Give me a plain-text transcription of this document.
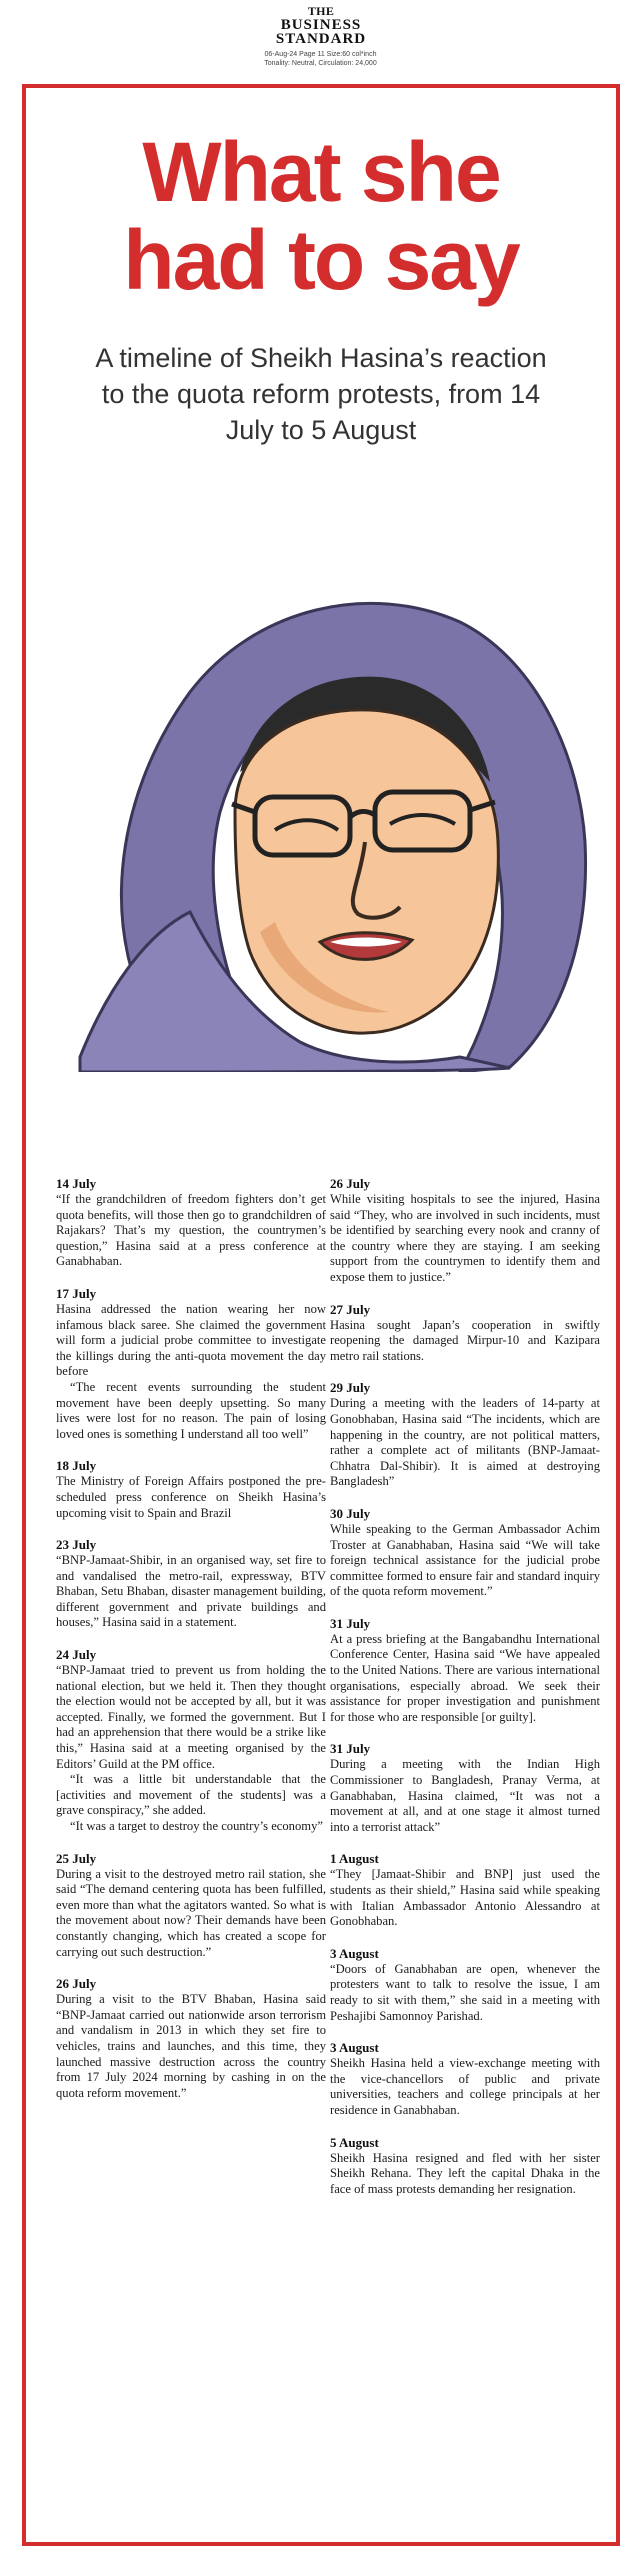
THE
BUSINESS
STANDARD
06-Aug-24 Page 11 Size:60 col*inch
Tonality: Neutral, Circulation: 24,000
What she
had to say
A timeline of Sheikh Hasina’s reaction
to the quota reform protests, from 14
July to 5 August
14 July
“If the grandchildren of freedom fighters don’t get quota benefits, will those then go to grandchildren of Rajakars? That’s my question, the countrymen’s question,” Hasina said at a press conference at Ganabhaban.
17 July
Hasina addressed the nation wearing her now infamous black saree. She claimed the government will form a judicial probe committee to investigate the killings during the anti-quota movement the day before
“The recent events surrounding the student movement have been deeply upsetting. So many lives were lost for no reason. The pain of losing loved ones is something I understand all too well”
18 July
The Ministry of Foreign Affairs postponed the pre-scheduled press conference on Sheikh Hasina’s upcoming visit to Spain and Brazil
23 July
“BNP-Jamaat-Shibir, in an organised way, set fire to and vandalised the metro-rail, expressway, BTV Bhaban, Setu Bhaban, disaster management building, different government and private buildings and houses,” Hasina said in a statement.
24 July
“BNP-Jamaat tried to prevent us from holding the national election, but we held it. Then they thought the election would not be accepted by all, but it was accepted. Finally, we formed the government. But I had an apprehension that there would be a strike like this,” Hasina said at a meeting organised by the Editors’ Guild at the PM office.
“It was a little bit understandable that the [activities and movement of the students] was a grave conspiracy,” she added.
“It was a target to destroy the country’s economy”
25 July
During a visit to the destroyed metro rail station, she said “The demand centering quota has been fulfilled, even more than what the agitators wanted. So what is the movement about now? Their demands have been constantly changing, which has created a scope for carrying out such destruction.”
26 July
During a visit to the BTV Bhaban, Hasina said “BNP-Jamaat carried out nationwide arson terrorism and vandalism in 2013 in which they set fire to vehicles, trains and launches, and this time, they launched massive destruction across the country from 17 July 2024 morning by cashing in on the quota reform movement.”
26 July
While visiting hospitals to see the injured, Hasina said “They, who are involved in such incidents, must be identified by searching every nook and cranny of the country where they are staying. I am seeking support from the countrymen to identify them and expose them to justice.”
27 July
Hasina sought Japan’s cooperation in swiftly reopening the damaged Mirpur-10 and Kazipara metro rail stations.
29 July
During a meeting with the leaders of 14-party at Gonobhaban, Hasina said “The incidents, which are happening in the country, are not political matters, rather a complete act of militants (BNP-Jamaat-Chhatra Dal-Shibir). It is aimed at destroying Bangladesh”
30 July
While speaking to the German Ambassador Achim Troster at Ganabhaban, Hasina said “We will take foreign technical assistance for the judicial probe committee formed to ensure fair and standard inquiry of the quota reform movement.”
31 July
At a press briefing at the Bangabandhu International Conference Center, Hasina said “We have appealed to the United Nations. There are various international organisations, especially abroad. We seek their assistance for proper investigation and punishment for those who are responsible [or guilty].
31 July
During a meeting with the Indian High Commissioner to Bangladesh, Pranay Verma, at Ganabhaban, Hasina claimed, “It was not a movement at all, and at one stage it almost turned into a terrorist attack”
1 August
“They [Jamaat-Shibir and BNP] just used the students as their shield,” Hasina said while speaking with Italian Ambassador Antonio Alessandro at Gonobhaban.
3 August
“Doors of Ganabhaban are open, whenever the protesters want to talk to resolve the issue, I am ready to sit with them,” she said in a meeting with Peshajibi Samonnoy Parishad.
3 August
Sheikh Hasina held a view-exchange meeting with the vice-chancellors of public and private universities, teachers and college principals at her residence in Ganabhaban.
5 August
Sheikh Hasina resigned and fled with her sister Sheikh Rehana. They left the capital Dhaka in the face of mass protests demanding her resignation.
